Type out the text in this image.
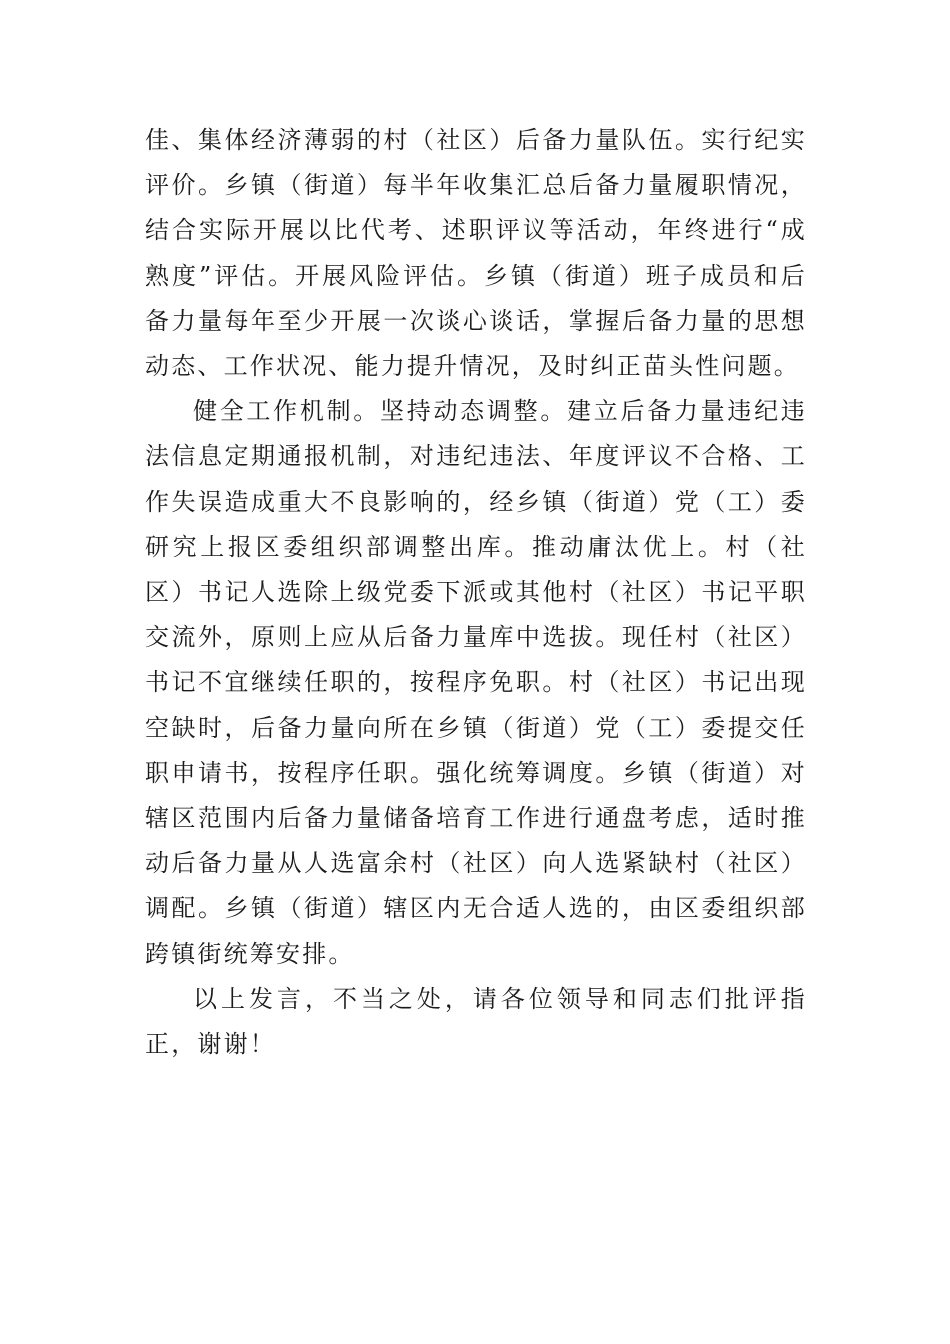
佳、集体经济薄弱的村（社区）后备力量队伍。实行纪实评价。乡镇（街道）每半年收集汇总后备力量履职情况，结合实际开展以比代考、述职评议等活动，年终进行“成熟度”评估。开展风险评估。乡镇（街道）班子成员和后备力量每年至少开展一次谈心谈话，掌握后备力量的思想动态、工作状况、能力提升情况，及时纠正苗头性问题。

健全工作机制。坚持动态调整。建立后备力量违纪违法信息定期通报机制，对违纪违法、年度评议不合格、工作失误造成重大不良影响的，经乡镇（街道）党（工）委研究上报区委组织部调整出库。推动庸汰优上。村（社区）书记人选除上级党委下派或其他村（社区）书记平职交流外，原则上应从后备力量库中选拔。现任村（社区）书记不宜继续任职的，按程序免职。村（社区）书记出现空缺时，后备力量向所在乡镇（街道）党（工）委提交任职申请书，按程序任职。强化统筹调度。乡镇（街道）对辖区范围内后备力量储备培育工作进行通盘考虑，适时推动后备力量从人选富余村（社区）向人选紧缺村（社区）调配。乡镇（街道）辖区内无合适人选的，由区委组织部跨镇街统筹安排。

以上发言，不当之处，请各位领导和同志们批评指正，谢谢！
